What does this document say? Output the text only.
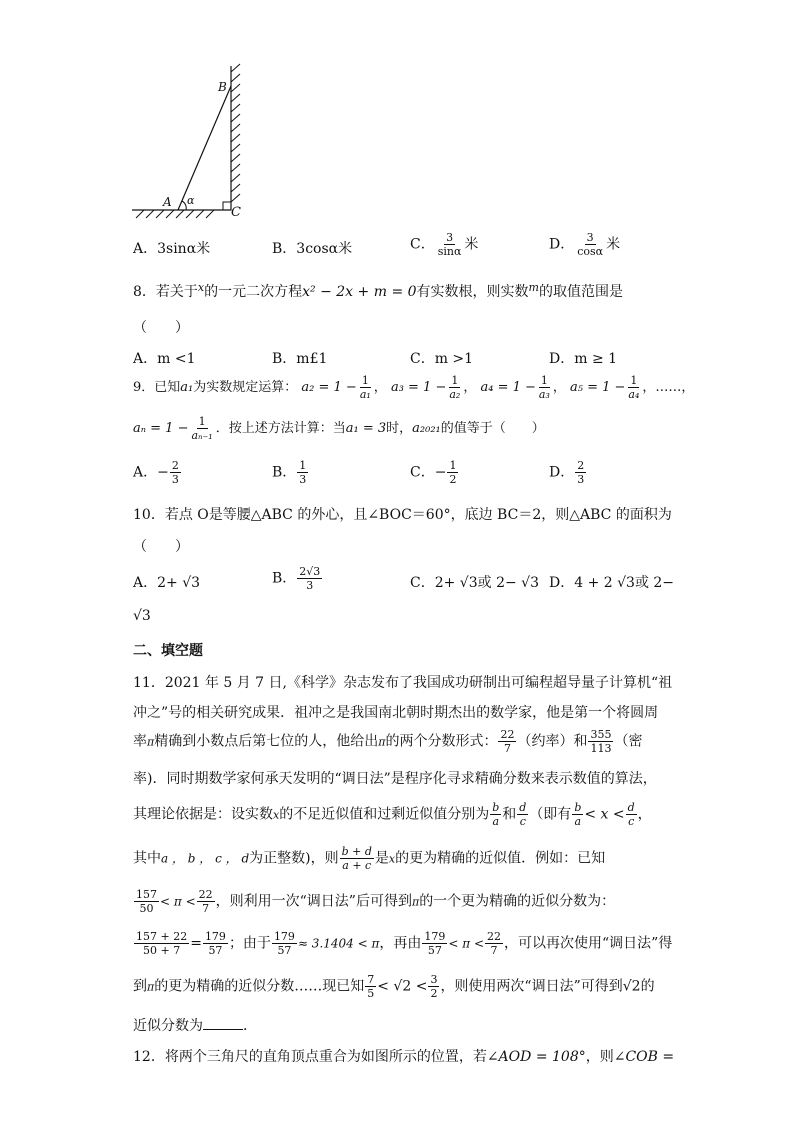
B
A α
C
A．3sinα米	B．3cosα米	C． $\frac{3}{\sin\alpha}$ 米	D． $\frac{3}{\cos\alpha}$ 米
8．若关于$^x$的一元二次方程x² − 2x + m = 0有实数根，则实数$^m$的取值范围是
（　　）
A．m <1	B．m£1	C．m >1	D．m ≥ 1
9．已知a₁为实数规定运算： $a_2 = 1 - \frac{1}{\text{a₁}}$ ， $a_3 = 1 - \frac{1}{\text{a₂}}$ ， $a_4 = 1 - \frac{1}{\text{a₃}}$ ， $a_5 = 1 - \frac{1}{\text{a₄}}$ ，……，
$a_n = 1 - \frac{1}{\text{aₙ₋₁}}$ ．按上述方法计算：当a₁ = 3时，a₂₀₂₁的值等于（　　）
A．− $\frac{2}{3}$	B． $\frac{1}{3}$	C．− $\frac{1}{2}$	D． $\frac{2}{3}$
10．若点 O是等腰△ABC 的外心，且∠BOC＝60°，底边 BC＝2，则△ABC 的面积为
（　　）
A．2+ √3	B． $\frac{2√3}{3}$	C．2+ √3或 2− √3 D．4 + 2 √3或 2−
√3
二、填空题
11．2021 年 5 月 7 日,《科学》杂志发布了我国成功研制出可编程超导量子计算机“祖
冲之”号的相关研究成果．祖冲之是我国南北朝时期杰出的数学家，他是第一个将圆周
率π精确到小数点后第七位的人，他给出π的两个分数形式： $\frac{22}{7}$ （约率）和 $\frac{355}{113}$ （密
率)．同时期数学家何承天发明的“调日法”是程序化寻求精确分数来表示数值的算法，
其理论依据是：设实数x的不足近似值和过剩近似值分别为 $\frac{b}{a}$ 和 $\frac{d}{c}$ （即有 $\frac{b}{a} < x < \frac{d}{c}$ ，
其中a ， b ， c ， d为正整数)，则 $\frac{b + d}{a + c}$ 是x的更为精确的近似值．例如：已知
$\frac{157}{50} < \pi < \frac{22}{7}$ ，则利用一次“调日法”后可得到π的一个更为精确的近似分数为：
$\frac{157 + 22}{50 + 7} = \frac{179}{57}$ ；由于 $\frac{179}{57} \approx 3.1404 < \pi$，再由 $\frac{179}{57} < \pi < \frac{22}{7}$ ，可以再次使用“调日法”得
到π的更为精确的近似分数……现已知 $\frac{7}{5} < √2 < \frac{3}{2}$ ，则使用两次“调日法”可得到√2的
近似分数为	．
12．将两个三角尺的直角顶点重合为如图所示的位置，若∠AOD = 108°，则∠COB =
